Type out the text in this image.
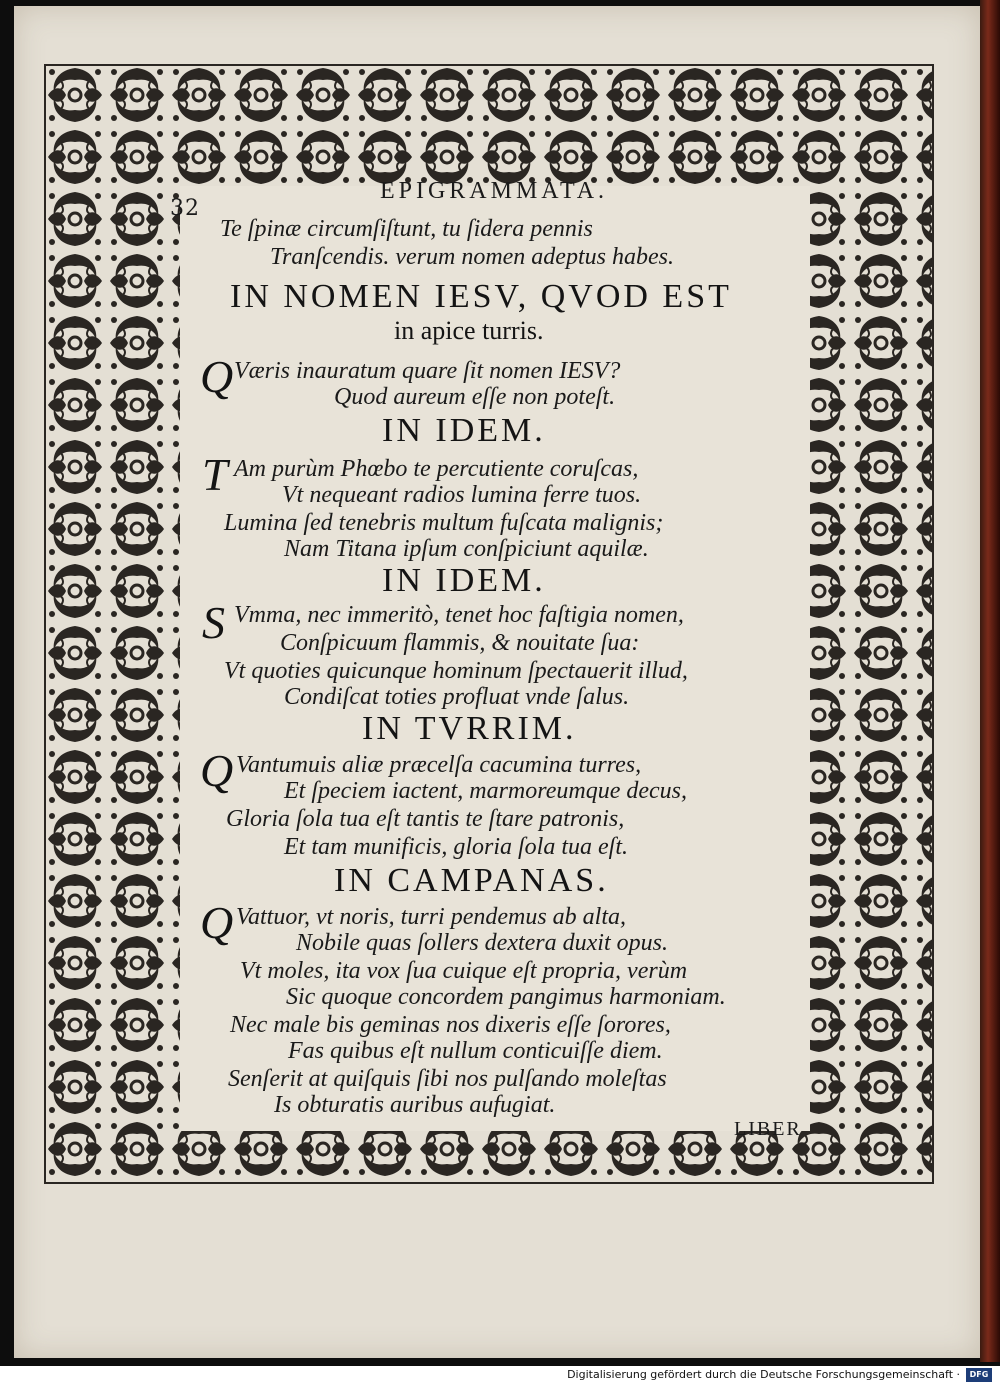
32
EPIGRAMMATA.
Te ſpinæ circumſiſtunt, tu ſidera pennis
Tranſcendis. verum nomen adeptus habes.
IN NOMEN IESV, QVOD EST
in apice turris.
Q Væris inauratum quare ſit nomen IESV?
Quod aureum eſſe non poteſt.
IN IDEM.
T Am purùm Phœbo te percutiente coruſcas,
Vt nequeant radios lumina ferre tuos.
Lumina ſed tenebris multum fuſcata malignis;
Nam Titana ipſum conſpiciunt aquilæ.
IN IDEM.
S Vmma, nec immeritò, tenet hoc faſtigia nomen,
Conſpicuum flammis, & nouitate ſua:
Vt quoties quicunque hominum ſpectauerit illud,
Condiſcat toties profluat vnde ſalus.
IN TVRRIM.
Q Vantumuis aliæ præcelſa cacumina turres,
Et ſpeciem iactent, marmoreumque decus,
Gloria ſola tua eſt tantis te ſtare patronis,
Et tam munificis, gloria ſola tua eſt.
IN CAMPANAS.
Q Vattuor, vt noris, turri pendemus ab alta,
Nobile quas ſollers dextera duxit opus.
Vt moles, ita vox ſua cuique eſt propria, verùm
Sic quoque concordem pangimus harmoniam.
Nec male bis geminas nos dixeris eſſe ſorores,
Fas quibus eſt nullum conticuiſſe diem.
Senſerit at quiſquis ſibi nos pulſando moleſtas
Is obturatis auribus aufugiat.
LIBER
Digitalisierung gefördert durch die Deutsche Forschungsgemeinschaft ·	DFG
